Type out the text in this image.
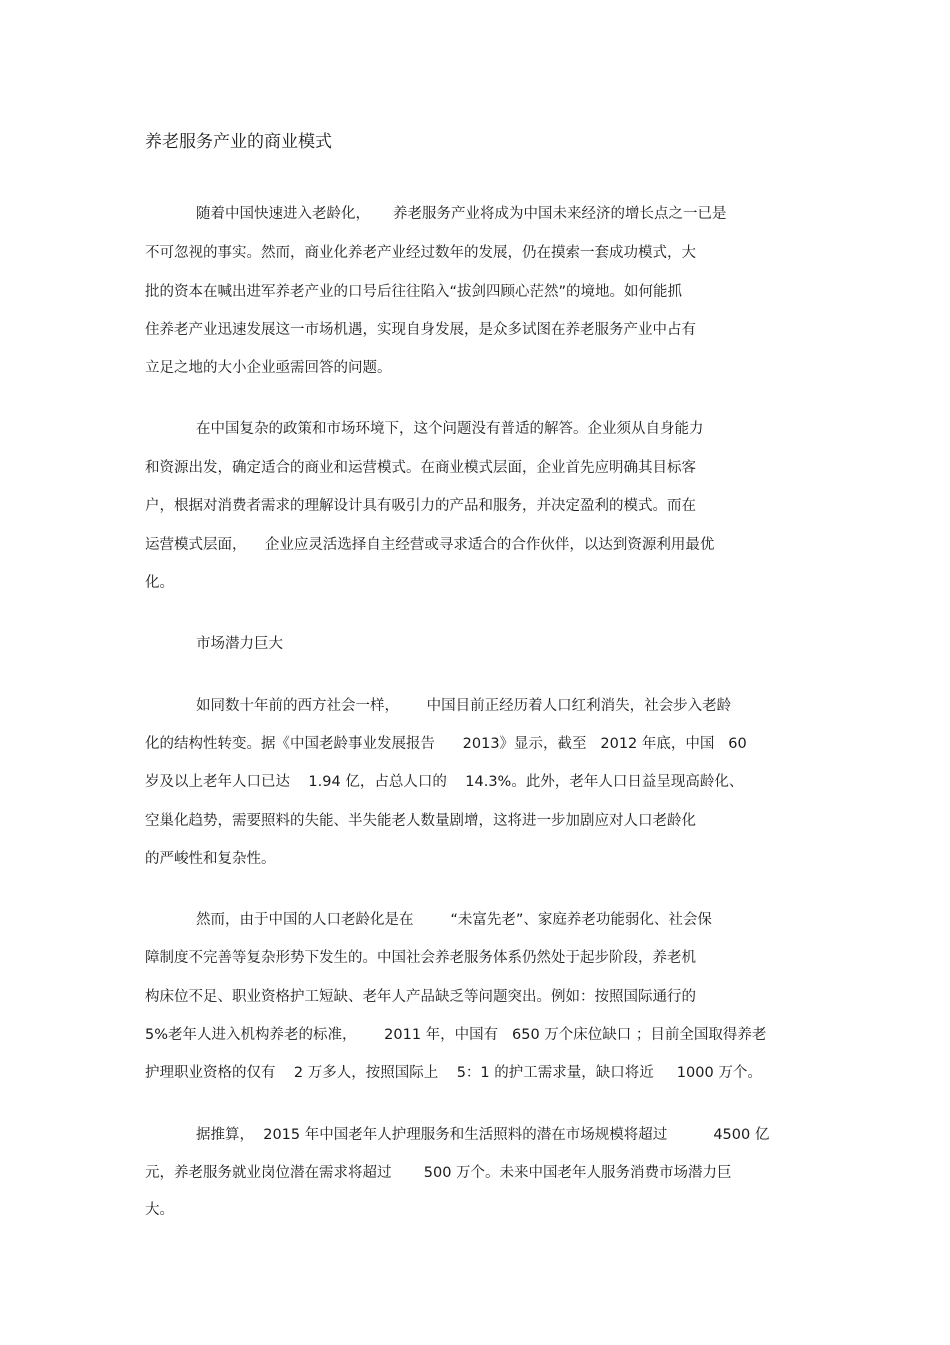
养老服务产业的商业模式

随着中国快速进入老龄化，     养老服务产业将成为中国未来经济的增长点之一已是

不可忽视的事实。然而，商业化养老产业经过数年的发展，仍在摸索一套成功模式，大

批的资本在喊出进军养老产业的口号后往往陷入“拔剑四顾心茫然”的境地。如何能抓

住养老产业迅速发展这一市场机遇，实现自身发展，是众多试图在养老服务产业中占有

立足之地的大小企业亟需回答的问题。

在中国复杂的政策和市场环境下，这个问题没有普适的解答。企业须从自身能力

和资源出发，确定适合的商业和运营模式。在商业模式层面，企业首先应明确其目标客

户，根据对消费者需求的理解设计具有吸引力的产品和服务，并决定盈利的模式。而在

运营模式层面，    企业应灵活选择自主经营或寻求适合的合作伙伴，以达到资源利用最优

化。

市场潜力巨大

如同数十年前的西方社会一样，      中国目前正经历着人口红利消失，社会步入老龄

化的结构性转变。据《中国老龄事业发展报告      2013》显示，截至   2012 年底，中国   60

岁及以上老年人口已达    1.94 亿，占总人口的    14.3%。此外，老年人口日益呈现高龄化、

空巢化趋势，需要照料的失能、半失能老人数量剧增，这将进一步加剧应对人口老龄化

的严峻性和复杂性。

然而，由于中国的人口老龄化是在        “未富先老”、家庭养老功能弱化、社会保

障制度不完善等复杂形势下发生的。中国社会养老服务体系仍然处于起步阶段，养老机

构床位不足、职业资格护工短缺、老年人产品缺乏等问题突出。例如：按照国际通行的

5%老年人进入机构养老的标准，      2011 年，中国有   650 万个床位缺口 ；目前全国取得养老

护理职业资格的仅有    2 万多人，按照国际上    5：1 的护工需求量，缺口将近     1000 万个。

据推算，  2015 年中国老年人护理服务和生活照料的潜在市场规模将超过          4500 亿

元，养老服务就业岗位潜在需求将超过       500 万个。未来中国老年人服务消费市场潜力巨

大。
